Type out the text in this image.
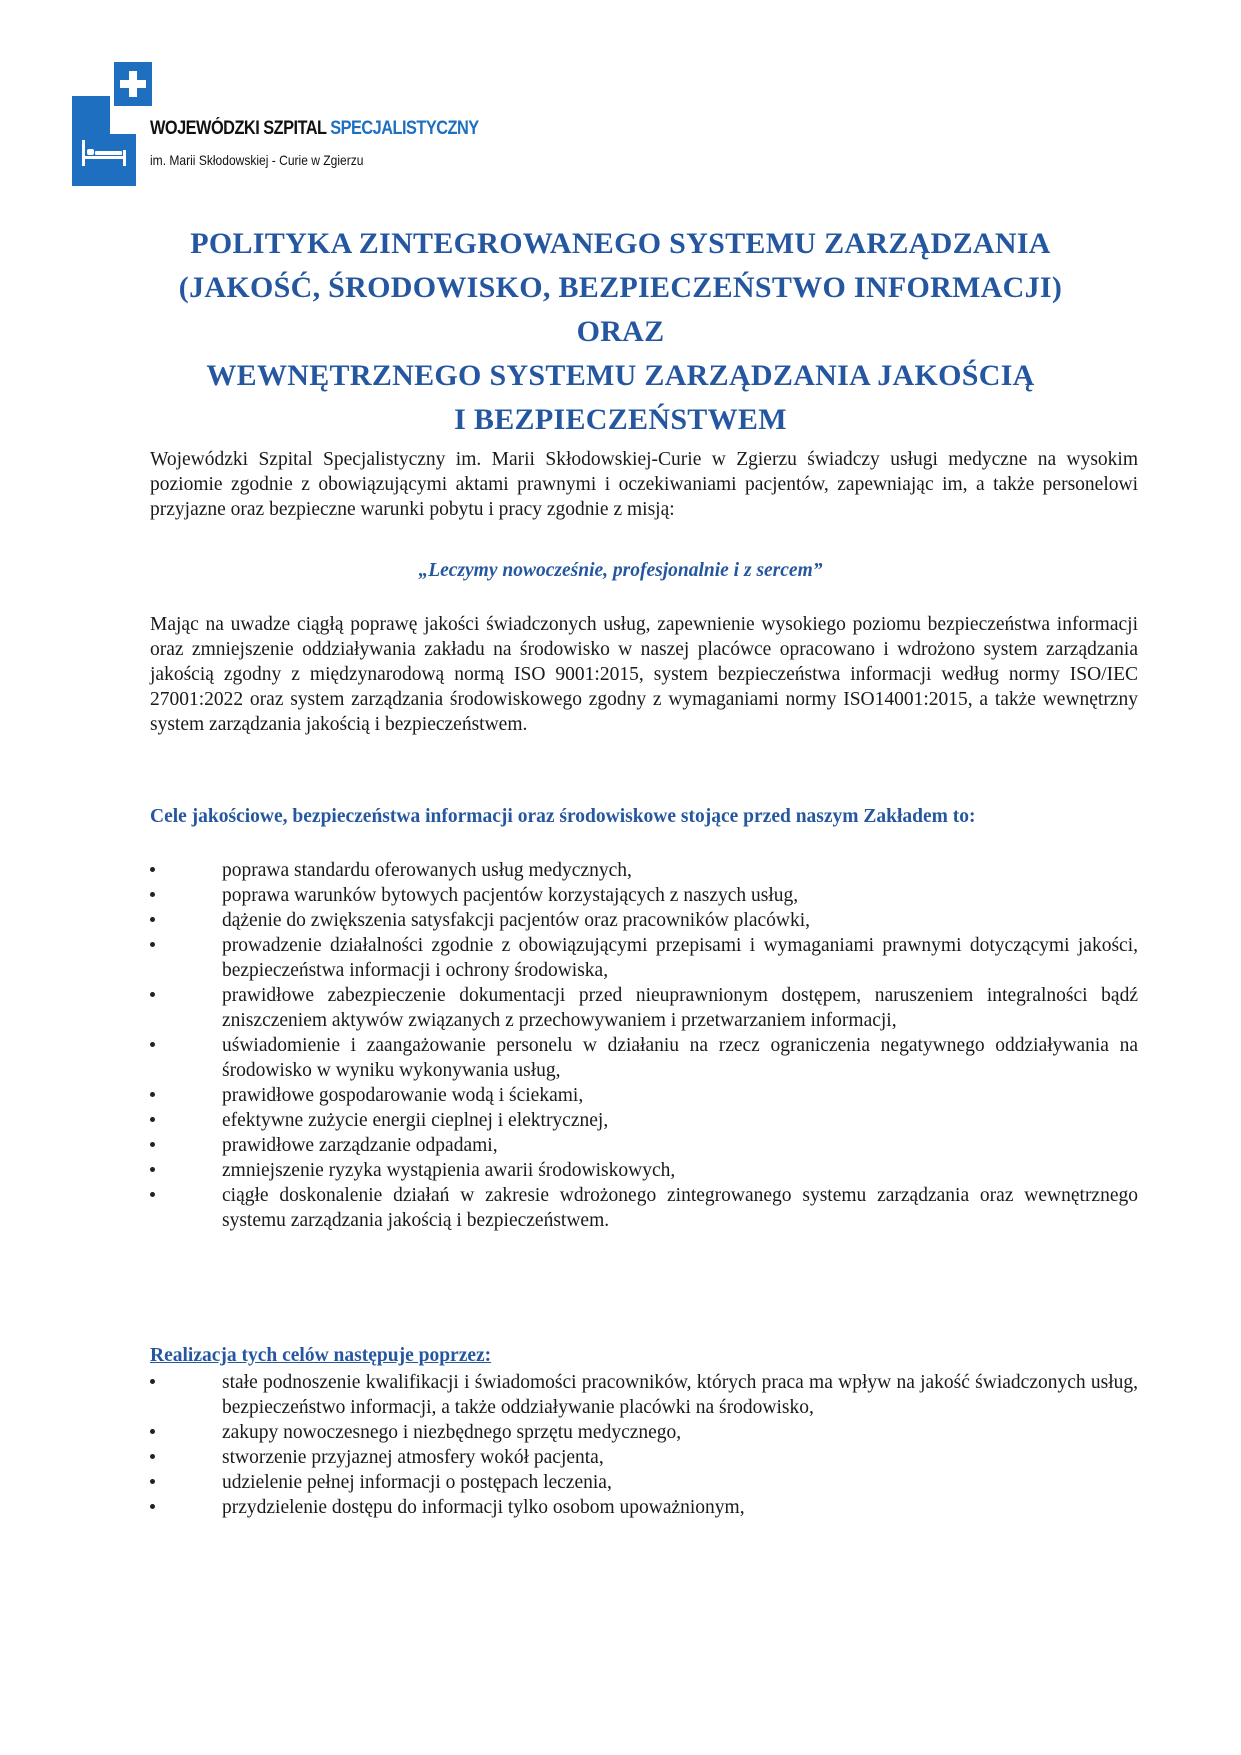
WOJEWÓDZKI SZPITAL SPECJALISTYCZNY
im. Marii Skłodowskiej - Curie w Zgierzu
POLITYKA ZINTEGROWANEGO SYSTEMU ZARZĄDZANIA
(JAKOŚĆ, ŚRODOWISKO, BEZPIECZEŃSTWO INFORMACJI)
ORAZ
WEWNĘTRZNEGO SYSTEMU ZARZĄDZANIA JAKOŚCIĄ
I BEZPIECZEŃSTWEM
Wojewódzki Szpital Specjalistyczny im. Marii Skłodowskiej-Curie w Zgierzu świadczy usługi medyczne na wysokim poziomie zgodnie z obowiązującymi aktami prawnymi i oczekiwaniami pacjentów, zapewniając im, a także personelowi przyjazne oraz bezpieczne warunki pobytu i pracy zgodnie z misją:
„Leczymy nowocześnie, profesjonalnie i z sercem”
Mając na uwadze ciągłą poprawę jakości świadczonych usług, zapewnienie wysokiego poziomu bezpieczeństwa informacji oraz zmniejszenie oddziaływania zakładu na środowisko w naszej placówce opracowano i wdrożono system zarządzania jakością zgodny z międzynarodową normą ISO 9001:2015, system bezpieczeństwa informacji według normy ISO/IEC 27001:2022 oraz system zarządzania środowiskowego zgodny z wymaganiami normy ISO14001:2015, a także wewnętrzny system zarządzania jakością i bezpieczeństwem.
Cele jakościowe, bezpieczeństwa informacji oraz środowiskowe stojące przed naszym Zakładem to:
poprawa standardu oferowanych usług medycznych,
poprawa warunków bytowych pacjentów korzystających z naszych usług,
dążenie do zwiększenia satysfakcji pacjentów oraz pracowników placówki,
prowadzenie działalności zgodnie z obowiązującymi przepisami i wymaganiami prawnymi dotyczącymi jakości, bezpieczeństwa informacji i ochrony środowiska,
prawidłowe zabezpieczenie dokumentacji przed nieuprawnionym dostępem, naruszeniem integralności bądź zniszczeniem aktywów związanych z przechowywaniem i przetwarzaniem informacji,
uświadomienie i zaangażowanie personelu w działaniu na rzecz ograniczenia negatywnego oddziaływania na środowisko w wyniku wykonywania usług,
prawidłowe gospodarowanie wodą i ściekami,
efektywne zużycie energii cieplnej i elektrycznej,
prawidłowe zarządzanie odpadami,
zmniejszenie ryzyka wystąpienia awarii środowiskowych,
ciągłe doskonalenie działań w zakresie wdrożonego zintegrowanego systemu zarządzania oraz wewnętrznego systemu zarządzania jakością i bezpieczeństwem.
Realizacja tych celów następuje poprzez:
stałe podnoszenie kwalifikacji i świadomości pracowników, których praca ma wpływ na jakość świadczonych usług, bezpieczeństwo informacji, a także oddziaływanie placówki na środowisko,
zakupy nowoczesnego i niezbędnego sprzętu medycznego,
stworzenie przyjaznej atmosfery wokół pacjenta,
udzielenie pełnej informacji o postępach leczenia,
przydzielenie dostępu do informacji tylko osobom upoważnionym,
